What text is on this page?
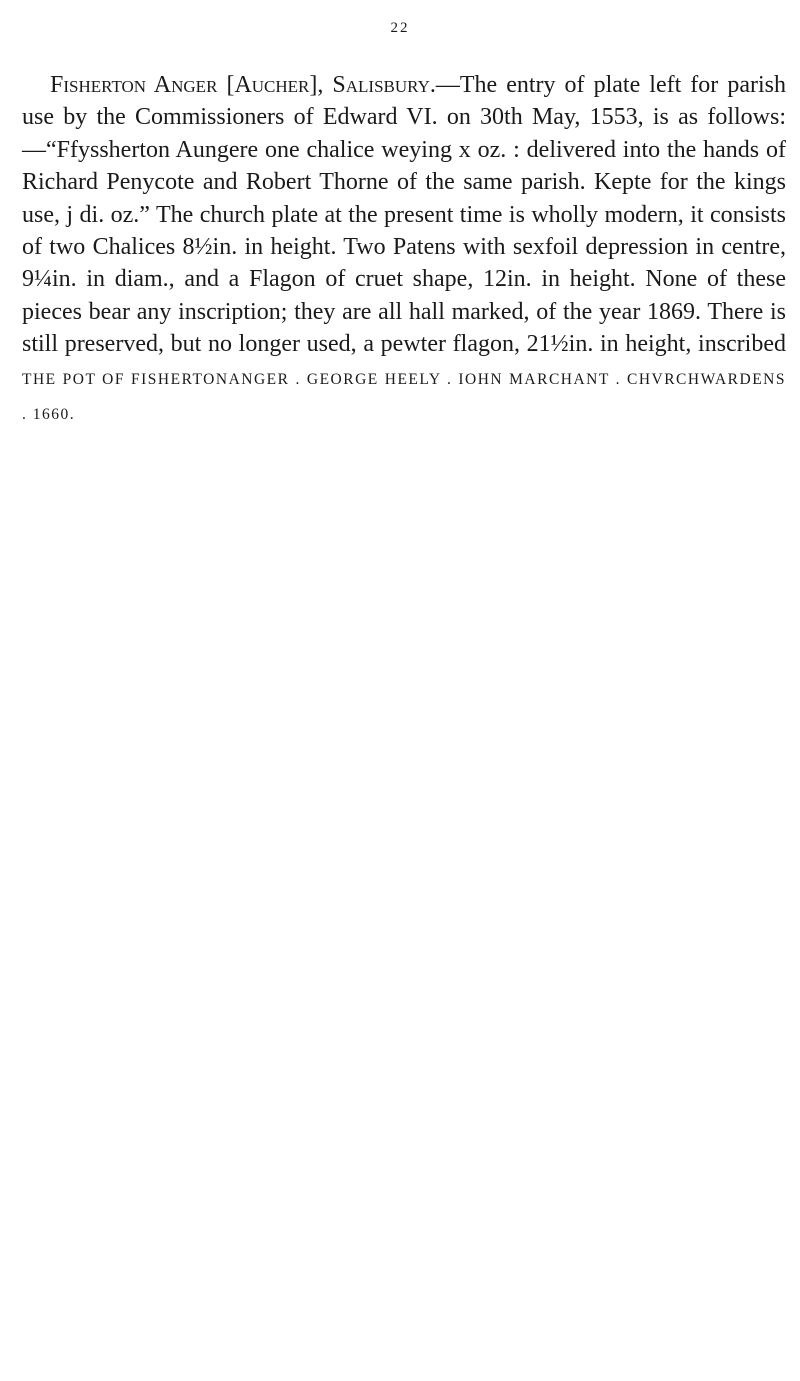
22

Fisherton Anger [Aucher], Salisbury.—The entry of plate left for parish use by the Commissioners of Edward VI. on 30th May, 1553, is as follows:—“Ffyssherton Aungere one chalice weying x oz. : delivered into the hands of Richard Penycote and Robert Thorne of the same parish. Kepte for the kings use, j di. oz.” The church plate at the present time is wholly modern, it consists of two Chalices 8½in. in height. Two Patens with sexfoil depression in centre, 9¼in. in diam., and a Flagon of cruet shape, 12in. in height. None of these pieces bear any inscription; they are all hall marked, of the year 1869. There is still preserved, but no longer used, a pewter flagon, 21½in. in height, inscribed THE POT OF FISHERTONANGER . GEORGE HEELY . IOHN MARCHANT . CHVRCHWARDENS . 1660.
